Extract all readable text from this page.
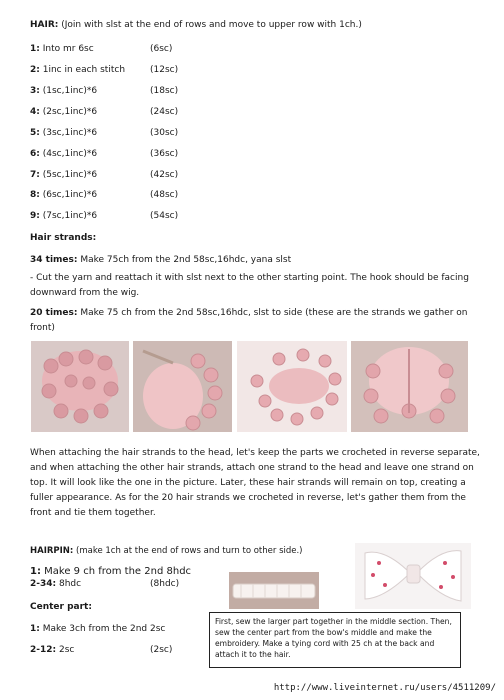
HAIR: (Join with slst at the end of rows and move to upper row with 1ch.)
1: Into mr 6sc	(6sc)
2: 1inc in each stitch	(12sc)
3: (1sc,1inc)*6	(18sc)
4: (2sc,1inc)*6	(24sc)
5: (3sc,1inc)*6	(30sc)
6: (4sc,1inc)*6	(36sc)
7: (5sc,1inc)*6	(42sc)
8: (6sc,1inc)*6	(48sc)
9: (7sc,1inc)*6	(54sc)
Hair strands:
34 times: Make 75ch from the 2nd 58sc,16hdc, yana slst
- Cut the yarn and reattach it with slst next to the other starting point. The hook should be facing downward from the wig.
20 times: Make 75 ch from the 2nd 58sc,16hdc, slst to side (these are the strands we gather on front)
When attaching the hair strands to the head, let's keep the parts we crocheted in reverse separate, and when attaching the other hair strands, attach one strand to the head and leave one strand on top. It will look like the one in the picture. Later, these hair strands will remain on top, creating a fuller appearance. As for the 20 hair strands we crocheted in reverse, let's gather them from the front and tie them together.
HAIRPIN: (make 1ch at the end of rows and turn to other side.)
1: Make 9 ch from the 2nd 8hdc
2-34: 8hdc	(8hdc)
Center part:
1: Make 3ch from the 2nd 2sc
2-12: 2sc	(2sc)
First, sew the larger part together in the middle section. Then, sew the center part from the bow's middle and make the embroidery. Make a tying cord with 25 ch at the back and attach it to the hair.
http://www.liveinternet.ru/users/4511209/
